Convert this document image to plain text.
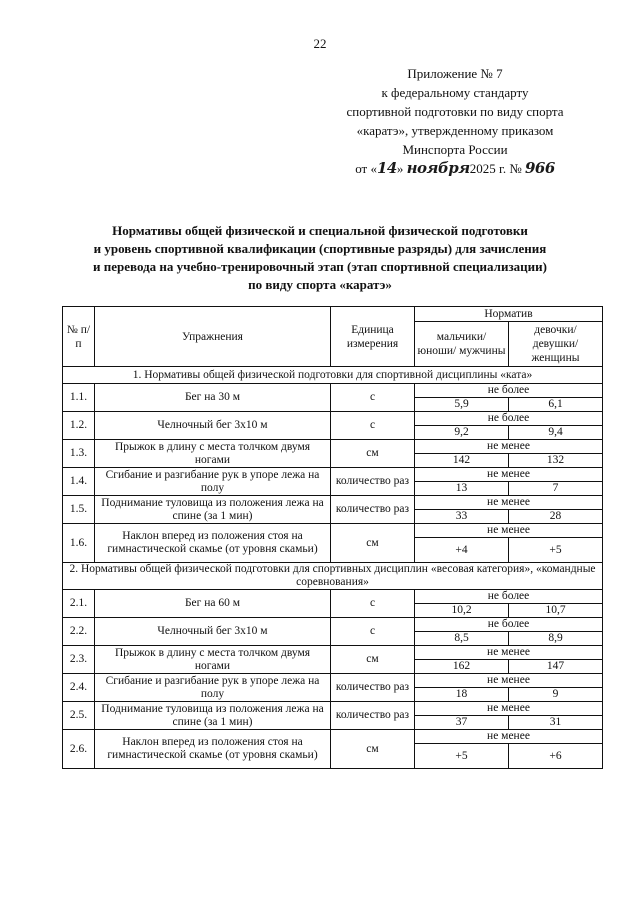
22
Приложение № 7
к федеральному стандарту
спортивной подготовки по виду спорта
«каратэ», утвержденному приказом
Минспорта России
от «14» ноября2025 г. № 966
Нормативы общей физической и специальной физической подготовки
и уровень спортивной квалификации (спортивные разряды) для зачисления
и перевода на учебно-тренировочный этап (этап спортивной специализации)
по виду спорта «каратэ»
№ п/п	Упражнения	Единица измерения	Норматив	
			мальчики/ юноши/ мужчины	девочки/ девушки/ женщины
1. Нормативы общей физической подготовки для спортивной дисциплины «ката»				
1.1.	Бег на 30 м	с	не более	
			5,9	6,1
1.2.	Челночный бег 3х10 м	с	не более	
			9,2	9,4
1.3.	Прыжок в длину с места толчком двумя ногами	см	не менее	
			142	132
1.4.	Сгибание и разгибание рук в упоре лежа на полу	количество раз	не менее	
			13	7
1.5.	Поднимание туловища из положения лежа на спине (за 1 мин)	количество раз	не менее	
			33	28
1.6.	Наклон вперед из положения стоя на гимнастической скамье (от уровня скамьи)	см	не менее	
			+4	+5
2. Нормативы общей физической подготовки для спортивных дисциплин «весовая категория», «командные соревнования»				
2.1.	Бег на 60 м	с	не более	
			10,2	10,7
2.2.	Челночный бег 3х10 м	с	не более	
			8,5	8,9
2.3.	Прыжок в длину с места толчком двумя ногами	см	не менее	
			162	147
2.4.	Сгибание и разгибание рук в упоре лежа на полу	количество раз	не менее	
			18	9
2.5.	Поднимание туловища из положения лежа на спине (за 1 мин)	количество раз	не менее	
			37	31
2.6.	Наклон вперед из положения стоя на гимнастической скамье (от уровня скамьи)	см	не менее	
			+5	+6
